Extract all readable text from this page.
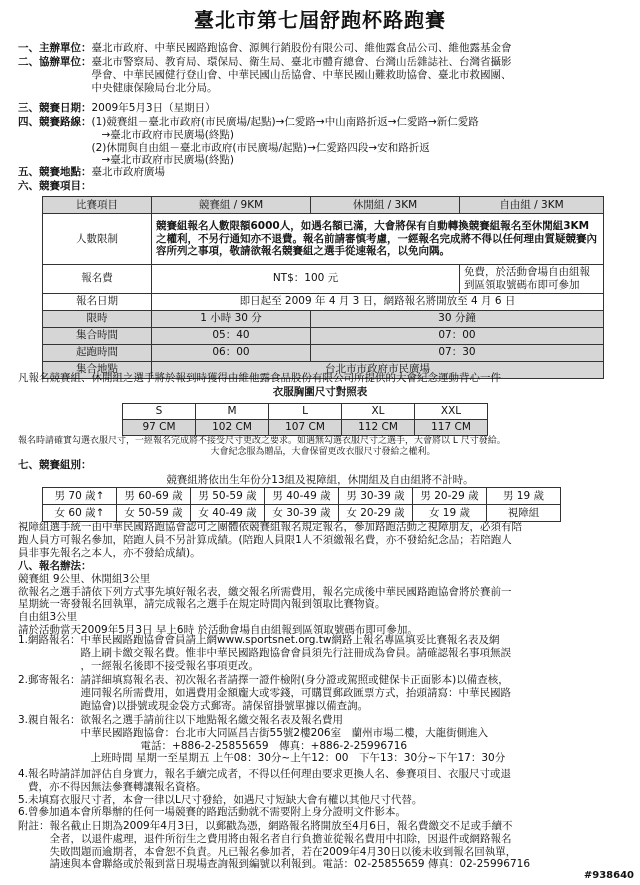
臺北市第七屆舒跑杯路跑賽
一、主辦單位： 臺北市政府、中華民國路跑協會、源興行銷股份有限公司、維他露食品公司、維他露基金會
二、協辦單位： 臺北市警察局、教育局、環保局、衛生局、臺北市體育總會、台灣山岳雜誌社、台灣省攝影
學會、中華民國健行登山會、中華民國山岳協會、中華民國山難救助協會、臺北市救國團、
中央健康保險局台北分局。
三、競賽日期： 2009年5月3日（星期日）
四、競賽路線： (1)競賽組－臺北市政府(市民廣場/起點)→仁愛路→中山南路折返→仁愛路→新仁愛路
→臺北市政府市民廣場(終點)
(2)休閒與自由組－臺北市政府(市民廣場/起點)→仁愛路四段→安和路折返
→臺北市政府市民廣場(終點)
五、競賽地點： 臺北市政府廣場
六、競賽項目：
比賽項目	競賽組 / 9KM	休閒組 / 3KM	自由組 / 3KM
人數限制	競賽組報名人數限額6000人，如遇名額已滿，大會將保有自動轉換競賽組報名至休閒組3KM之權利，不另行通知亦不退費。報名前請審慎考慮，一經報名完成將不得以任何理由質疑競賽內容所列之事項，敬請欲報名競賽組之選手從速報名，以免向隅。		
報名費	NT$：100 元		免費，於活動會場自由組報到區領取號碼布即可參加
報名日期	即日起至 2009 年 4 月 3 日，網路報名將開放至 4 月 6 日		
限時	1 小時 30 分	30 分鐘	
集合時間	05：40	07：00	
起跑時間	06：00	07：30	
集合地點	台北市市政府市民廣場		
凡報名競賽組、休閒組之選手將於報到時獲得由維他露食品股份有限公司所提供的大會紀念運動背心一件
衣服胸圍尺寸對照表
S	M	L	XL	XXL
97 CM	102 CM	107 CM	112 CM	117 CM
報名時請確實勾選衣服尺寸，一經報名完成將不接受尺寸更改之要求。如遇無勾選衣服尺寸之選手，大會將以 L 尺寸發給。
大會紀念服為贈品，大會保留更改衣服尺寸發給之權利。
七、競賽組別：
競賽組將依出生年份分13組及視障組，休閒組及自由組將不計時。
男 70 歲↑	男 60-69 歲	男 50-59 歲	男 40-49 歲	男 30-39 歲	男 20-29 歲	男 19 歲
女 60 歲↑	女 50-59 歲	女 40-49 歲	女 30-39 歲	女 20-29 歲	女 19 歲	視障組
視障組選手統一由中華民國路跑協會認可之團體依競賽組報名規定報名，參加路跑活動之視障朋友，必須有陪
跑人員方可報名參加，陪跑人員不另計算成績。(陪跑人員限1人不須繳報名費，亦不發給紀念品；若陪跑人
員非事先報名之本人，亦不發給成績)。
八、報名辦法：
競賽組 9公里、休閒組3公里
欲報名之選手請依下列方式事先填好報名表，繳交報名所需費用，報名完成後中華民國路跑協會將於賽前一
星期統一寄發報名回執單，請完成報名之選手在規定時間內報到領取比賽物資。
自由組3公里
請於活動當天2009年5月3日 早上6時 於活動會場自由組報到區領取號碼布即可參加。
1.網路報名： 中華民國路跑協會會員請上網www.sportsnet.org.tw網路上報名專區填妥比賽報名表及網
路上刷卡繳交報名費。惟非中華民國路跑協會會員須先行註冊成為會員。請確認報名事項無誤
，一經報名後即不接受報名事項更改。
2.郵寄報名： 請詳細填寫報名表、初次報名者請擇一證件檢附(身分證或駕照或健保卡正面影本)以備查核，
連同報名所需費用，如遇費用金額龐大或零錢，可購買郵政匯票方式，抬頭請寫：中華民國路
跑協會)以掛號或現金袋方式郵寄。請保留掛號單據以備查詢。
3.親自報名： 欲報名之選手請前往以下地點報名繳交報名表及報名費用
中華民國路跑協會：台北市大同區昌吉街55號2樓206室　蘭州市場二樓，大龍街側進入
電話：+886-2-25855659　傳真：+886-2-25996716
上班時間 星期一至星期五 上午08：30分~上午12：00　下午13：30分~下午17：30分
4.報名時請詳加評估自身實力，報名手續完成者，不得以任何理由要求更換人名、參賽項目、衣服尺寸或退
費，亦不得因無法參賽轉讓報名資格。
5.未填寫衣服尺寸者，本會一律以L尺寸發給，如遇尺寸短缺大會有權以其他尺寸代替。
6.曾參加過本會所舉辦的任何一場競賽的路跑活動就不需要附上身分證明文件影本。
附註： 報名截止日期為2009年4月3日，以郵戳為憑，網路報名將開放至4月6日，報名費繳交不足或手續不
全者，以退件處理，退件所衍生之費用將由報名者自行負擔並從報名費用中扣除，因退件或網路報名
失敗問題而逾期者，本會恕不負責。凡已報名參加者，若在2009年4月30日以後未收到報名回執單，
請速與本會聯絡或於報到當日現場查詢報到編號以利報到。電話：02-25855659 傳真：02-25996716
#938640
